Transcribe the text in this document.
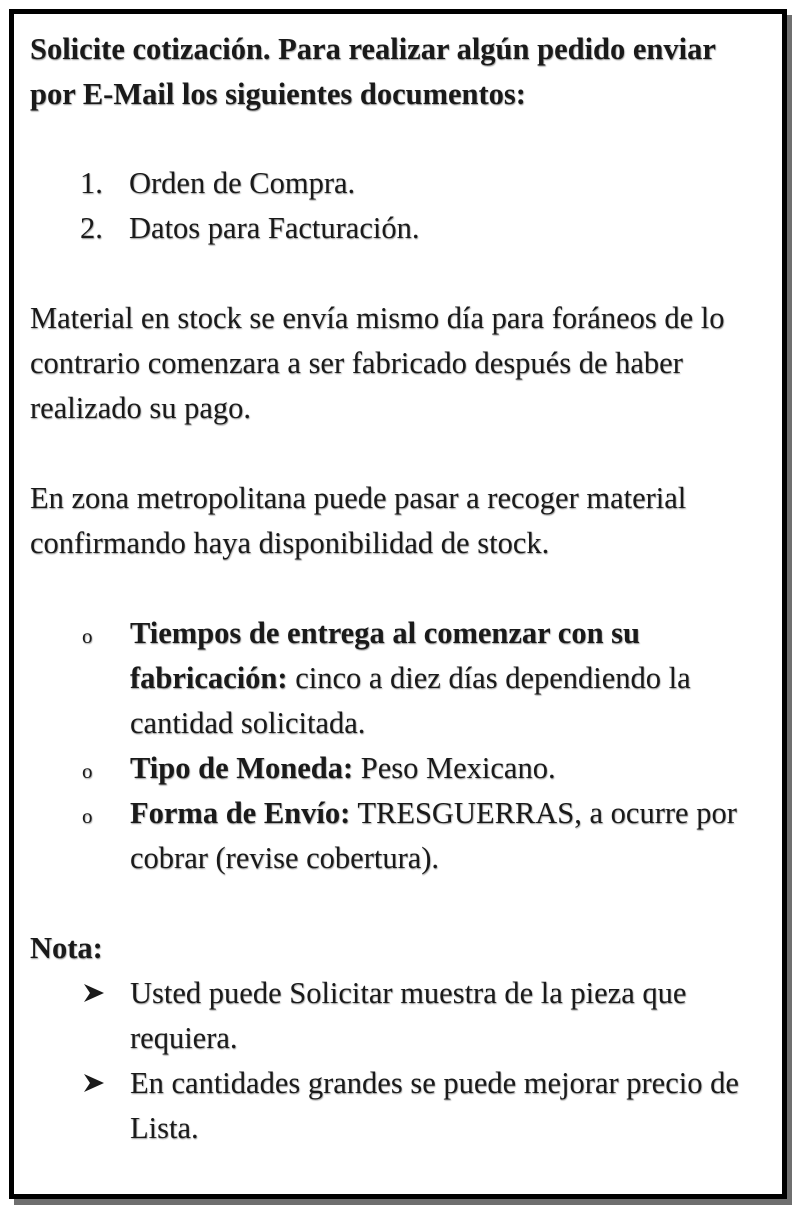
Solicite cotización. Para realizar algún pedido enviar por E-Mail los siguientes documentos:

1. Orden de Compra.
2. Datos para Facturación.

Material en stock se envía mismo día para foráneos de lo contrario comenzara a ser fabricado después de haber realizado su pago.

En zona metropolitana puede pasar a recoger material confirmando haya disponibilidad de stock.

o Tiempos de entrega al comenzar con su fabricación: cinco a diez días dependiendo la cantidad solicitada.
o Tipo de Moneda: Peso Mexicano.
o Forma de Envío: TRESGUERRAS, a ocurre por cobrar (revise cobertura).

Nota:

Usted puede Solicitar muestra de la pieza que requiera.
En cantidades grandes se puede mejorar precio de Lista.
